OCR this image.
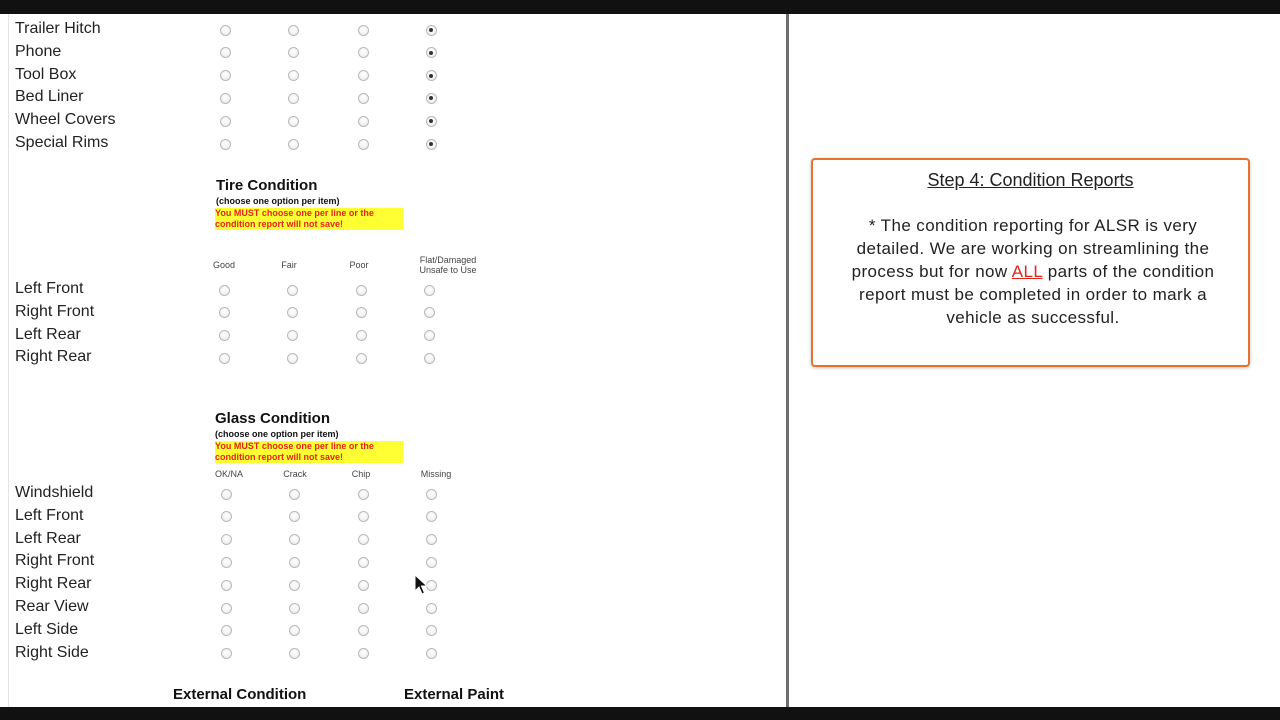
Trailer Hitch
Phone
Tool Box
Bed Liner
Wheel Covers
Special Rims
Tire Condition
(choose one option per item)
You MUST choose one per line or the condition report will not save!
Good	Fair	Poor	Flat/Damaged Unsafe to Use
Left Front
Right Front
Left Rear
Right Rear
Glass Condition
(choose one option per item)
You MUST choose one per line or the condition report will not save!
OK/NA	Crack	Chip	Missing
Windshield
Left Front
Left Rear
Right Front
Right Rear
Rear View
Left Side
Right Side
External Condition	External Paint
Step 4: Condition Reports
* The condition reporting for ALSR is very detailed. We are working on streamlining the process but for now ALL parts of the condition report must be completed in order to mark a vehicle as successful.
